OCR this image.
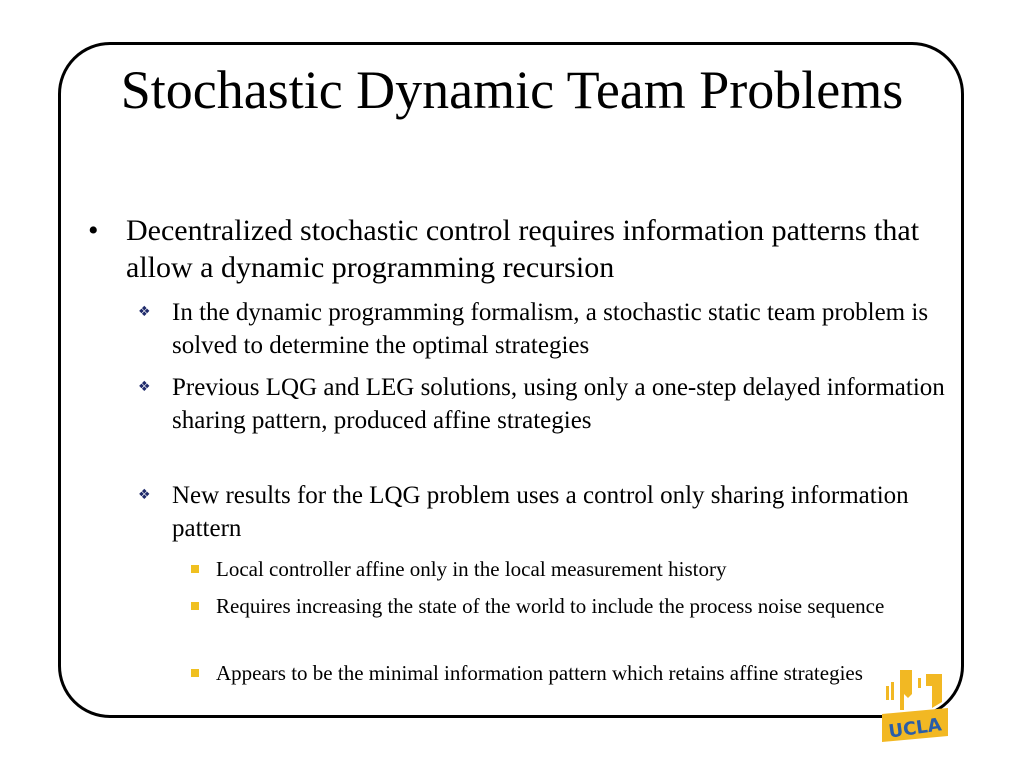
Stochastic Dynamic Team Problems
• Decentralized stochastic control requires information patterns that allow a dynamic programming recursion
❖ In the dynamic programming formalism, a stochastic static team problem is solved to determine the optimal strategies
❖ Previous LQG and LEG solutions, using only a one-step delayed information sharing pattern, produced affine strategies
❖ New results for the LQG problem uses a control only sharing information pattern
Local controller affine only in the local measurement history
Requires increasing the state of the world to include the process noise sequence
Appears to be the minimal information pattern which retains affine strategies
UCLA
